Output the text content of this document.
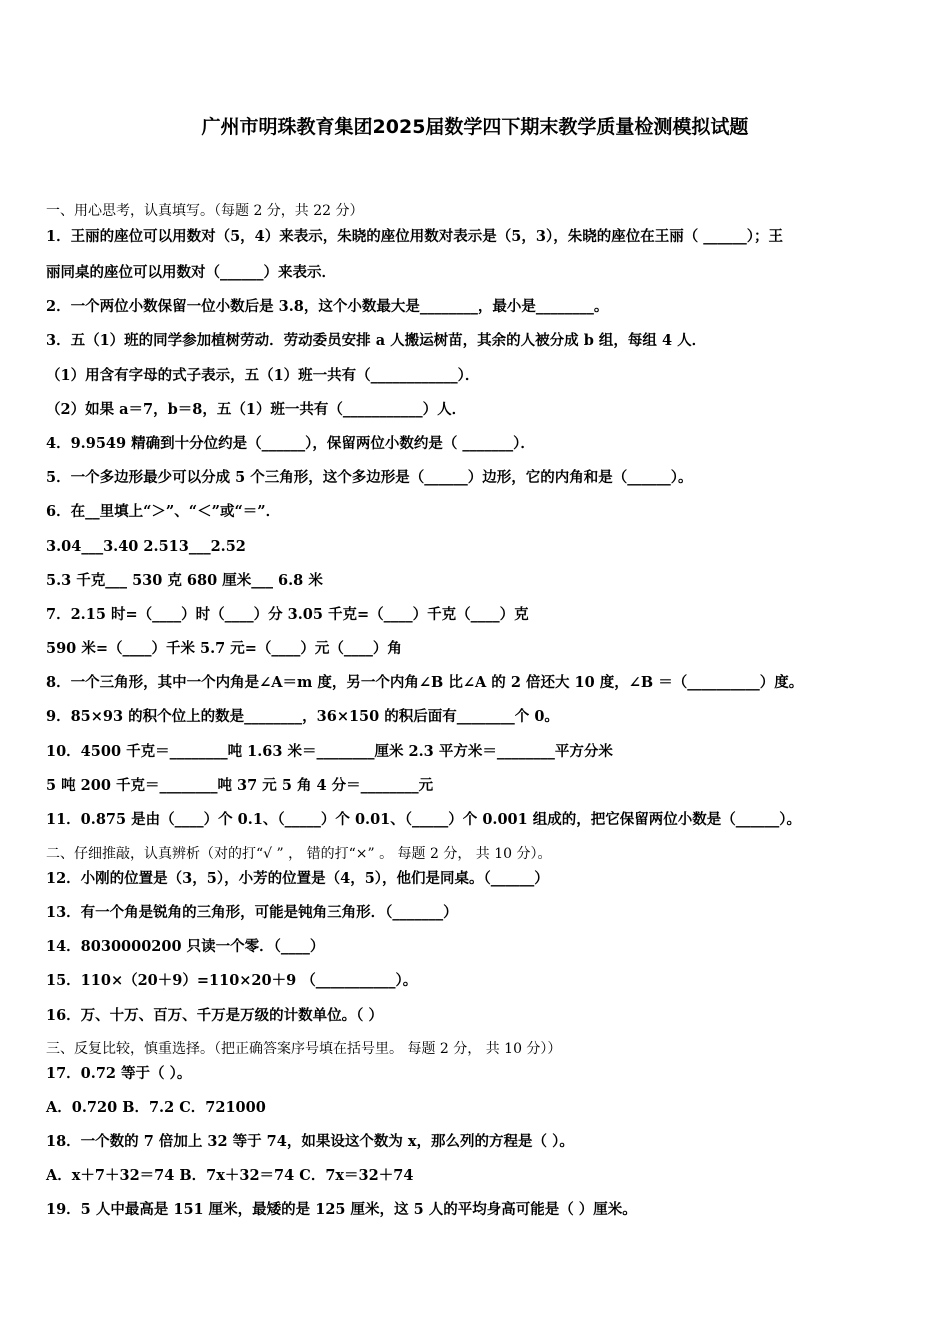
广州市明珠教育集团2025届数学四下期末教学质量检测模拟试题
一、用心思考，认真填写。（每题 2 分，共 22 分）
1．王丽的座位可以用数对（5，4）来表示，朱晓的座位用数对表示是（5，3），朱晓的座位在王丽（ ______）；王
丽同桌的座位可以用数对（______）来表示．
2．一个两位小数保留一位小数后是 3.8，这个小数最大是________，最小是________。
3．五（1）班的同学参加植树劳动．劳动委员安排 a 人搬运树苗，其余的人被分成 b 组，每组 4 人．
（1）用含有字母的式子表示，五（1）班一共有（____________）．
（2）如果 a＝7，b＝8，五（1）班一共有（___________）人．
4．9.9549 精确到十分位约是（______），保留两位小数约是（ _______）．
5．一个多边形最少可以分成 5 个三角形，这个多边形是（______）边形，它的内角和是（______）。
6．在__里填上“＞”、“＜”或“＝”．
3.04___3.40 2.513___2.52
5.3 千克___ 530 克 680 厘米___ 6.8 米
7．2.15 时=（____）时（____）分 3.05 千克=（____）千克（____）克
590 米=（____）千米 5.7 元=（____）元（____）角
8．一个三角形，其中一个内角是∠A＝m 度，另一个内角∠B 比∠A 的 2 倍还大 10 度，∠B ＝（__________）度。
9．85×93 的积个位上的数是________，36×150 的积后面有________个 0。
10．4500 千克＝________吨 1.63 米＝________厘米 2.3 平方米＝________平方分米
5 吨 200 千克＝________吨 37 元 5 角 4 分＝________元
11．0.875 是由（____）个 0.1、（_____）个 0.01、（_____）个 0.001 组成的，把它保留两位小数是（______）。
二、仔细推敲，认真辨析（对的打“√ ” ， 错的打“×” 。 每题 2 分， 共 10 分）。
12．小刚的位置是（3，5），小芳的位置是（4，5），他们是同桌。（______）
13．有一个角是锐角的三角形，可能是钝角三角形．（_______）
14．8030000200 只读一个零．（____）
15．110×（20＋9）=110×20＋9 （___________）。
16．万、十万、百万、千万是万级的计数单位。（ ）
三、反复比较，慎重选择。（把正确答案序号填在括号里。 每题 2 分， 共 10 分））
17．0.72 等于（ ）。
A．0.720 B．7.2 C．721000
18．一个数的 7 倍加上 32 等于 74，如果设这个数为 x，那么列的方程是（ ）。
A．x＋7＋32＝74 B．7x＋32＝74 C．7x＝32＋74
19．5 人中最高是 151 厘米，最矮的是 125 厘米，这 5 人的平均身高可能是（ ）厘米。
